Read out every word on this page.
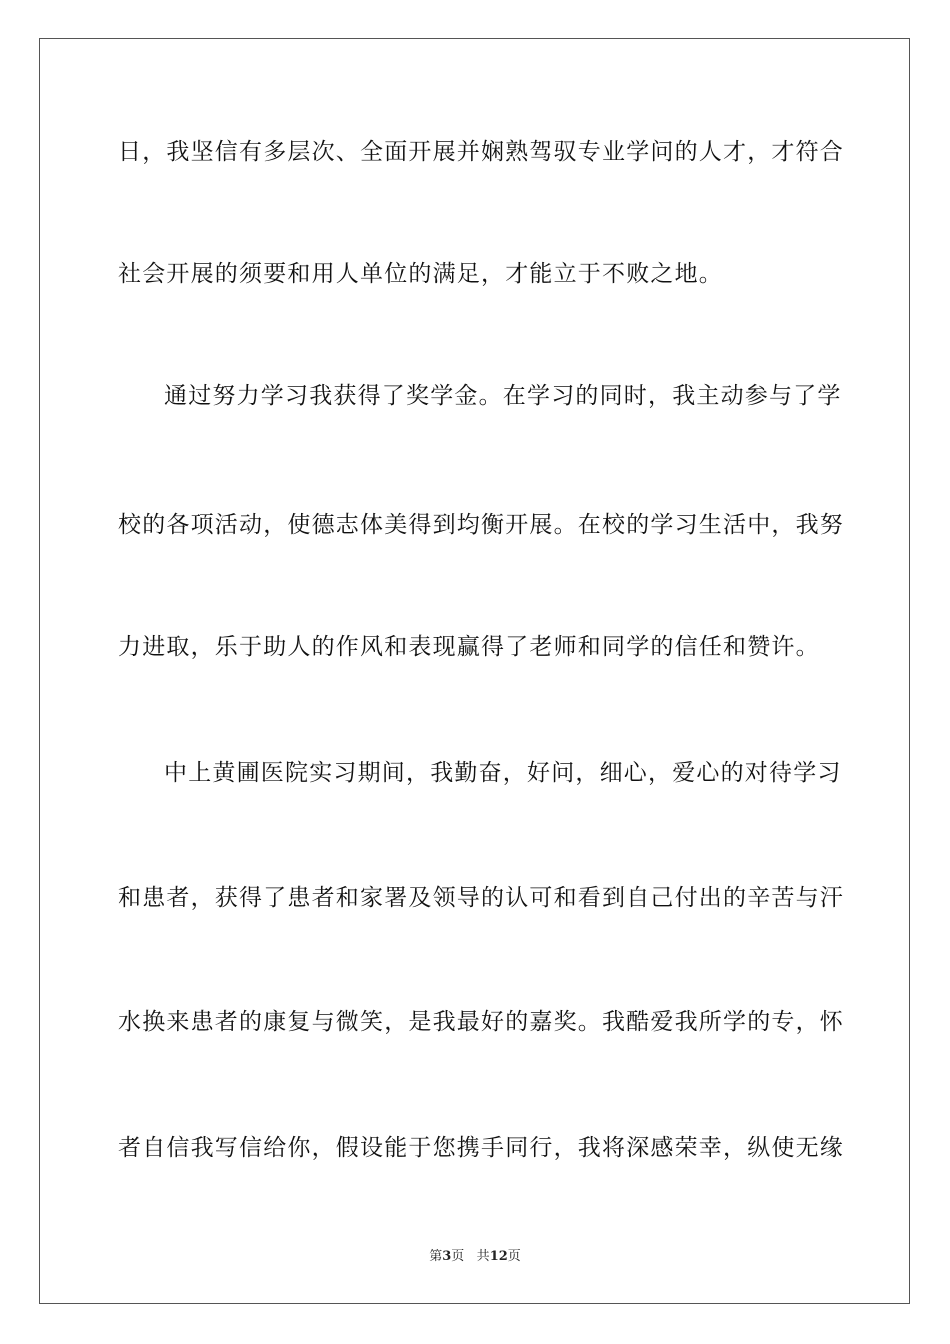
日，我坚信有多层次、全面开展并娴熟驾驭专业学问的人才，才符合
社会开展的须要和用人单位的满足，才能立于不败之地。
通过努力学习我获得了奖学金。在学习的同时，我主动参与了学
校的各项活动，使德志体美得到均衡开展。在校的学习生活中，我努
力进取，乐于助人的作风和表现赢得了老师和同学的信任和赞许。
中上黄圃医院实习期间，我勤奋，好问，细心，爱心的对待学习
和患者，获得了患者和家署及领导的认可和看到自己付出的辛苦与汗
水换来患者的康复与微笑，是我最好的嘉奖。我酷爱我所学的专，怀
者自信我写信给你，假设能于您携手同行，我将深感荣幸，纵使无缘
第3页 共12页
